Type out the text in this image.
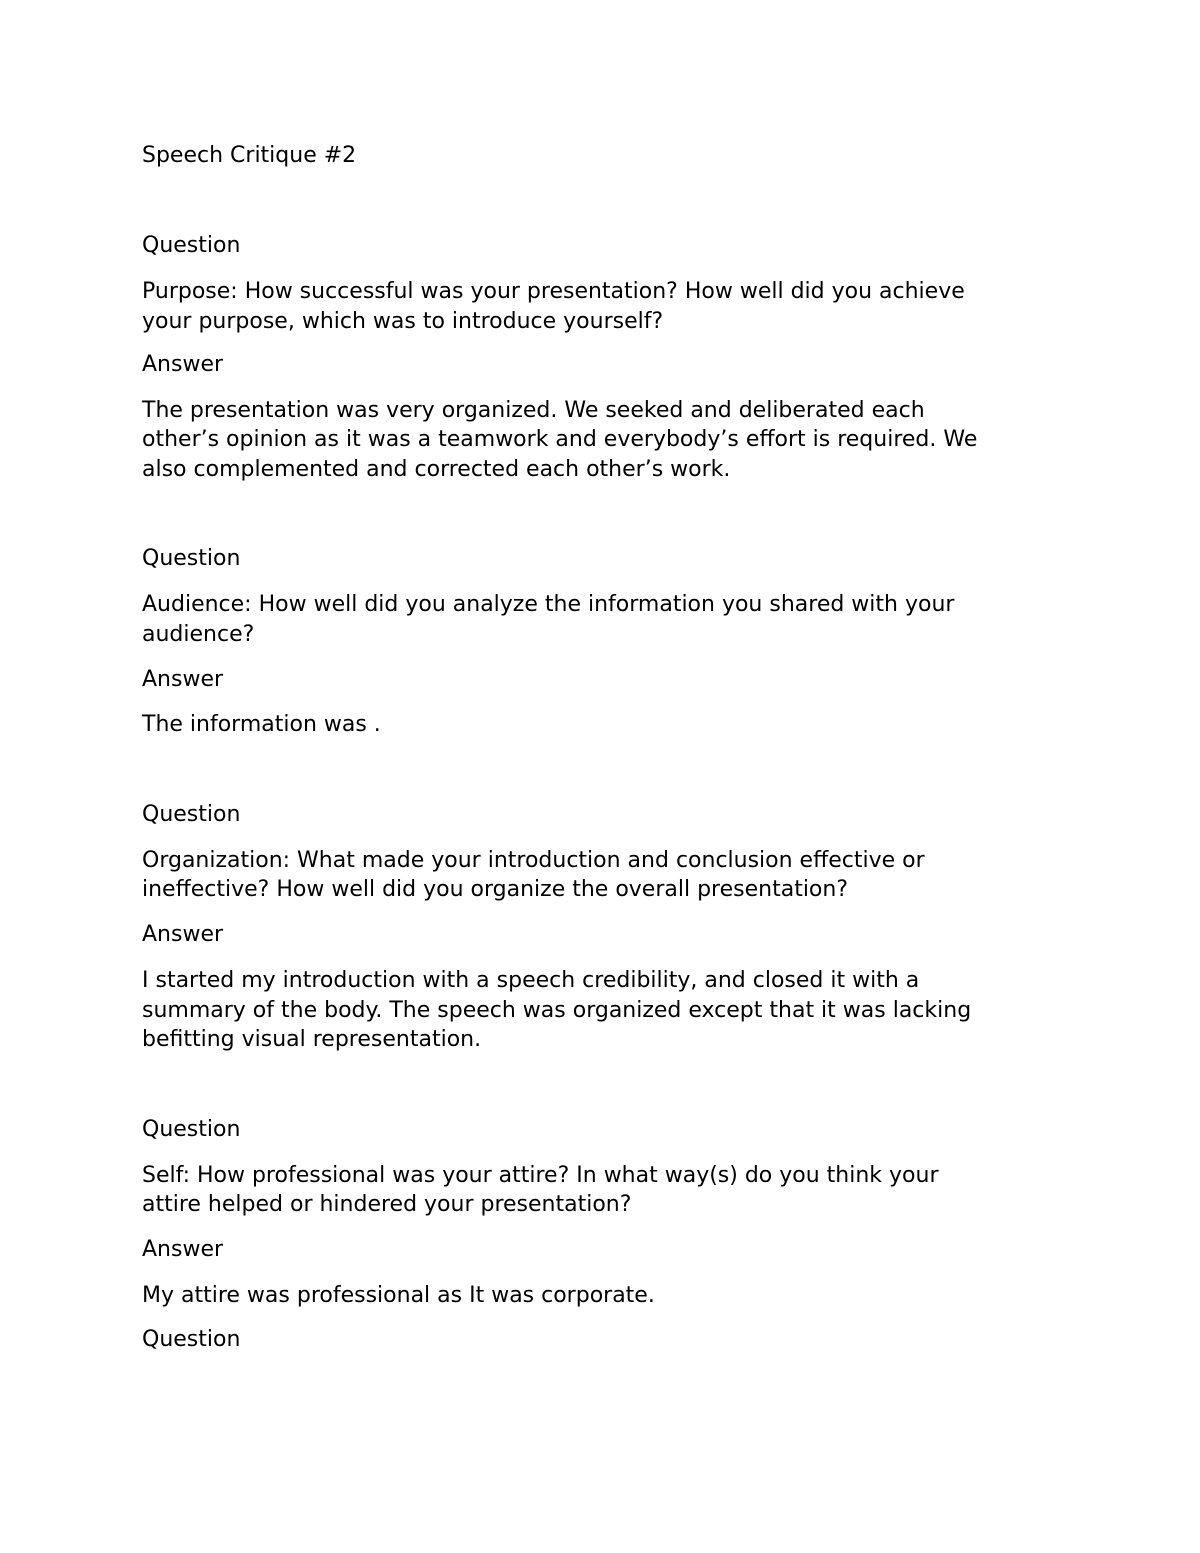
Speech Critique #2

Question

Purpose: How successful was your presentation? How well did you achieve

your purpose, which was to introduce yourself?

Answer

The presentation was very organized. We seeked and deliberated each

other’s opinion as it was a teamwork and everybody’s effort is required. We

also complemented and corrected each other’s work.

Question

Audience: How well did you analyze the information you shared with your

audience?

Answer

The information was .

Question

Organization: What made your introduction and conclusion effective or

ineffective? How well did you organize the overall presentation?

Answer

I started my introduction with a speech credibility, and closed it with a

summary of the body. The speech was organized except that it was lacking

befitting visual representation.

Question

Self: How professional was your attire? In what way(s) do you think your

attire helped or hindered your presentation?

Answer

My attire was professional as It was corporate.

Question
